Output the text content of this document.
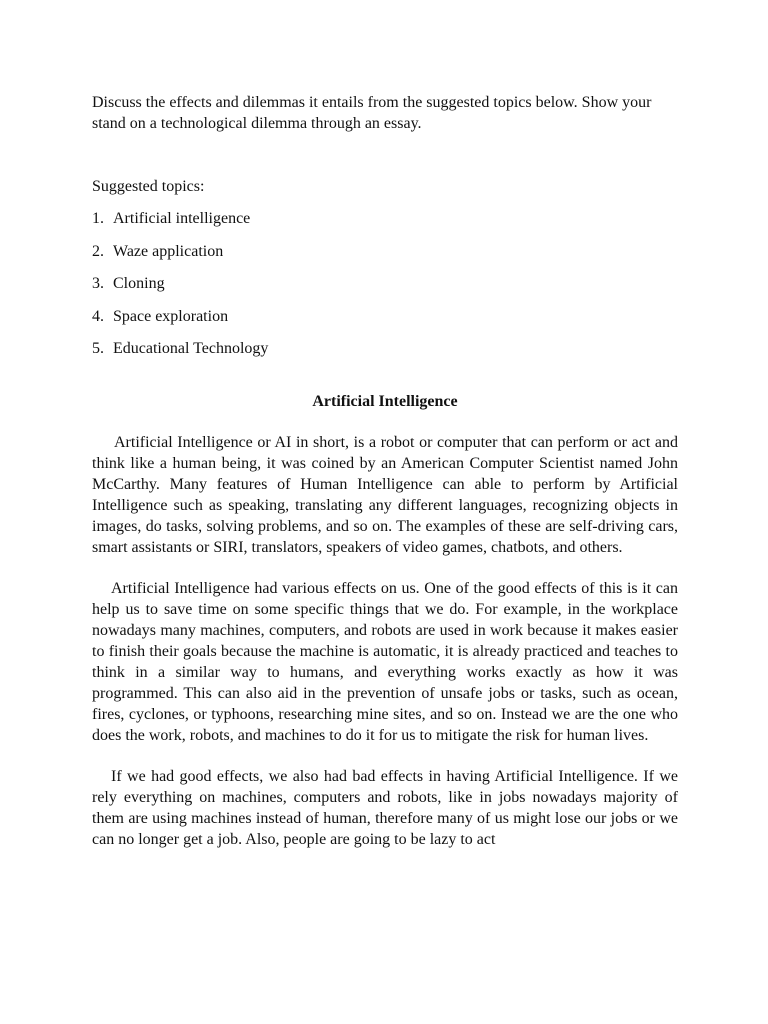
Discuss the effects and dilemmas it entails from the suggested topics below. Show your stand on a technological dilemma through an essay.

Suggested topics:

1. Artificial intelligence
2. Waze application
3. Cloning
4. Space exploration
5. Educational Technology
Artificial Intelligence

Artificial Intelligence or AI in short, is a robot or computer that can perform or act and think like a human being, it was coined by an American Computer Scientist named John McCarthy. Many features of Human Intelligence can able to perform by Artificial Intelligence such as speaking, translating any different languages, recognizing objects in images, do tasks, solving problems, and so on. The examples of these are self-driving cars, smart assistants or SIRI, translators, speakers of video games, chatbots, and others.

Artificial Intelligence had various effects on us. One of the good effects of this is it can help us to save time on some specific things that we do. For example, in the workplace nowadays many machines, computers, and robots are used in work because it makes easier to finish their goals because the machine is automatic, it is already practiced and teaches to think in a similar way to humans, and everything works exactly as how it was programmed. This can also aid in the prevention of unsafe jobs or tasks, such as ocean, fires, cyclones, or typhoons, researching mine sites, and so on. Instead we are the one who does the work, robots, and machines to do it for us to mitigate the risk for human lives.

If we had good effects, we also had bad effects in having Artificial Intelligence. If we rely everything on machines, computers and robots, like in jobs nowadays majority of them are using machines instead of human, therefore many of us might lose our jobs or we can no longer get a job. Also, people are going to be lazy to act
